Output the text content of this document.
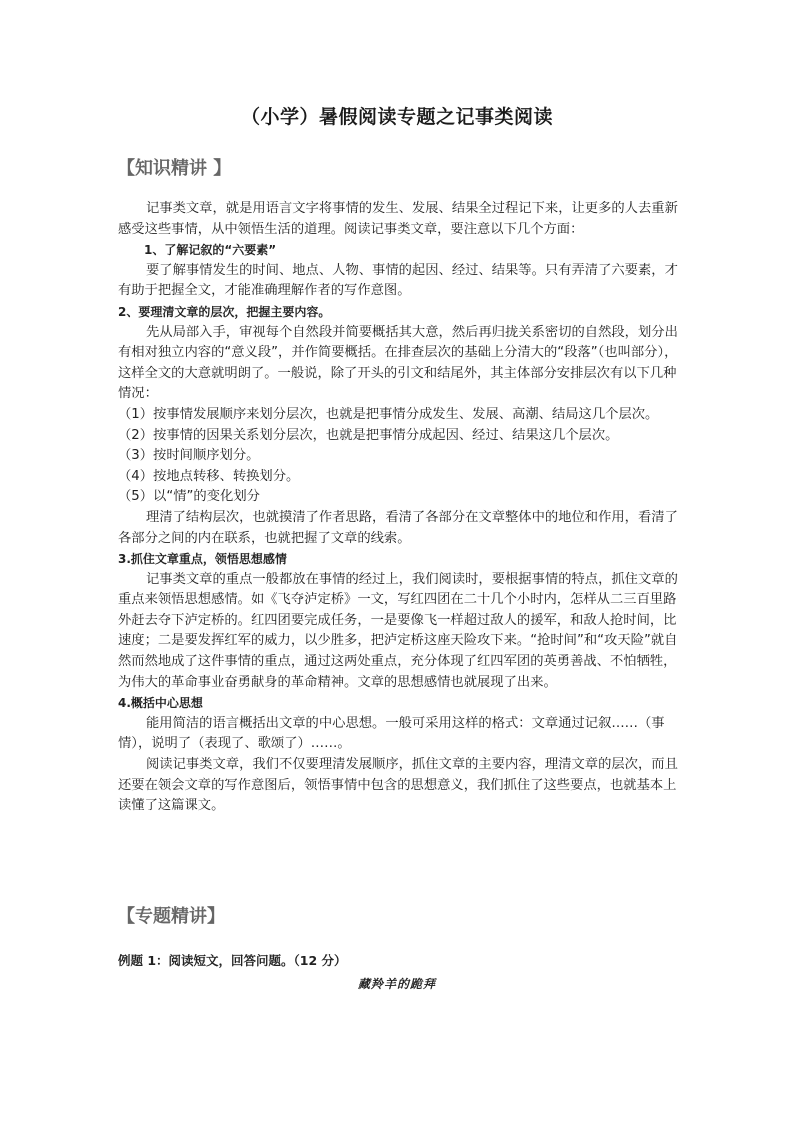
（小学）暑假阅读专题之记事类阅读
【知识精讲 】

记事类文章，就是用语言文字将事情的发生、发展、结果全过程记下来，让更多的人去重新感受这些事情，从中领悟生活的道理。阅读记事类文章，要注意以下几个方面：

1、了解记叙的“六要素”

要了解事情发生的时间、地点、人物、事情的起因、经过、结果等。只有弄清了六要素，才有助于把握全文，才能准确理解作者的写作意图。

2、要理清文章的层次，把握主要内容。

先从局部入手，审视每个自然段并简要概括其大意，然后再归拢关系密切的自然段，划分出有相对独立内容的“意义段”，并作简要概括。在排查层次的基础上分清大的“段落”（也叫部分），这样全文的大意就明朗了。一般说，除了开头的引文和结尾外，其主体部分安排层次有以下几种情况：

（1）按事情发展顺序来划分层次，也就是把事情分成发生、发展、高潮、结局这几个层次。

（2）按事情的因果关系划分层次，也就是把事情分成起因、经过、结果这几个层次。

（3）按时间顺序划分。

（4）按地点转移、转换划分。

（5）以“情”的变化划分

理清了结构层次，也就摸清了作者思路，看清了各部分在文章整体中的地位和作用，看清了各部分之间的内在联系，也就把握了文章的线索。

3.抓住文章重点，领悟思想感情

记事类文章的重点一般都放在事情的经过上，我们阅读时，要根据事情的特点，抓住文章的重点来领悟思想感情。如《飞夺泸定桥》一文，写红四团在二十几个小时内，怎样从二三百里路外赶去夺下泸定桥的。红四团要完成任务，一是要像飞一样超过敌人的援军，和敌人抢时间，比速度；二是要发挥红军的威力，以少胜多，把泸定桥这座天险攻下来。“抢时间”和“攻天险”就自然而然地成了这件事情的重点，通过这两处重点，充分体现了红四军团的英勇善战、不怕牺牲，为伟大的革命事业奋勇献身的革命精神。文章的思想感情也就展现了出来。

4.概括中心思想

能用简洁的语言概括出文章的中心思想。一般可采用这样的格式：文章通过记叙……（事情），说明了（表现了、歌颂了）……。

阅读记事类文章，我们不仅要理清发展顺序，抓住文章的主要内容，理清文章的层次，而且还要在领会文章的写作意图后，领悟事情中包含的思想意义，我们抓住了这些要点，也就基本上读懂了这篇课文。

【专题精讲】
例题 1：阅读短文，回答问题。（12 分）
藏羚羊的跪拜
